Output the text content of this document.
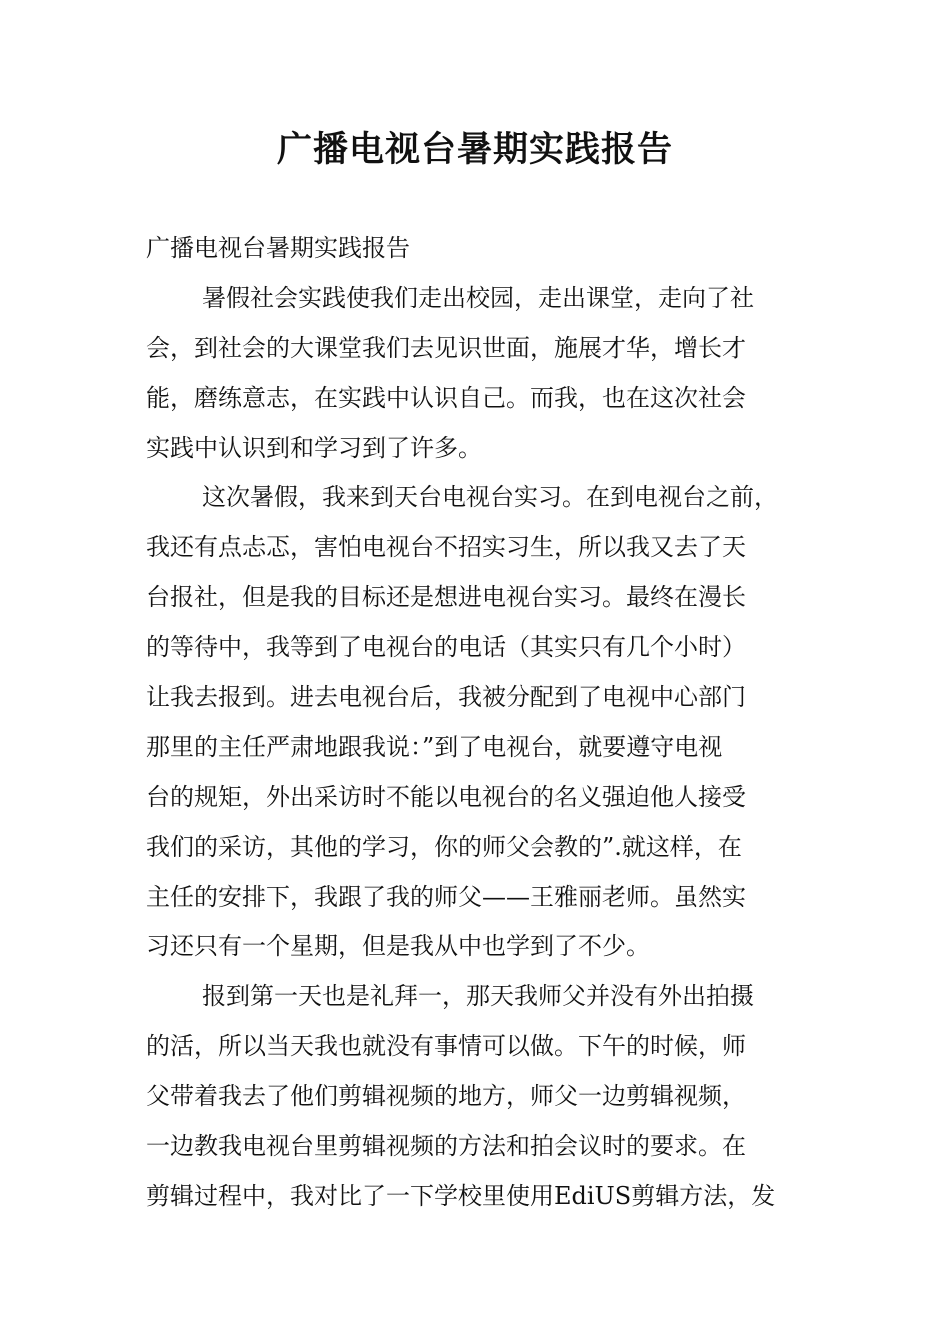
广播电视台暑期实践报告
广播电视台暑期实践报告
暑假社会实践使我们走出校园，走出课堂，走向了社
会，到社会的大课堂我们去见识世面，施展才华，增长才
能，磨练意志，在实践中认识自己。而我，也在这次社会
实践中认识到和学习到了许多。
这次暑假，我来到天台电视台实习。在到电视台之前，
我还有点忐忑，害怕电视台不招实习生，所以我又去了天
台报社，但是我的目标还是想进电视台实习。最终在漫长
的等待中，我等到了电视台的电话（其实只有几个小时）
让我去报到。进去电视台后，我被分配到了电视中心部门
那里的主任严肃地跟我说：”到了电视台，就要遵守电视
台的规矩，外出采访时不能以电视台的名义强迫他人接受
我们的采访，其他的学习，你的师父会教的”.就这样，在
主任的安排下，我跟了我的师父——王雅丽老师。虽然实
习还只有一个星期，但是我从中也学到了不少。
报到第一天也是礼拜一，那天我师父并没有外出拍摄
的活，所以当天我也就没有事情可以做。下午的时候，师
父带着我去了他们剪辑视频的地方，师父一边剪辑视频，
一边教我电视台里剪辑视频的方法和拍会议时的要求。在
剪辑过程中，我对比了一下学校里使用EdiUS剪辑方法，发
